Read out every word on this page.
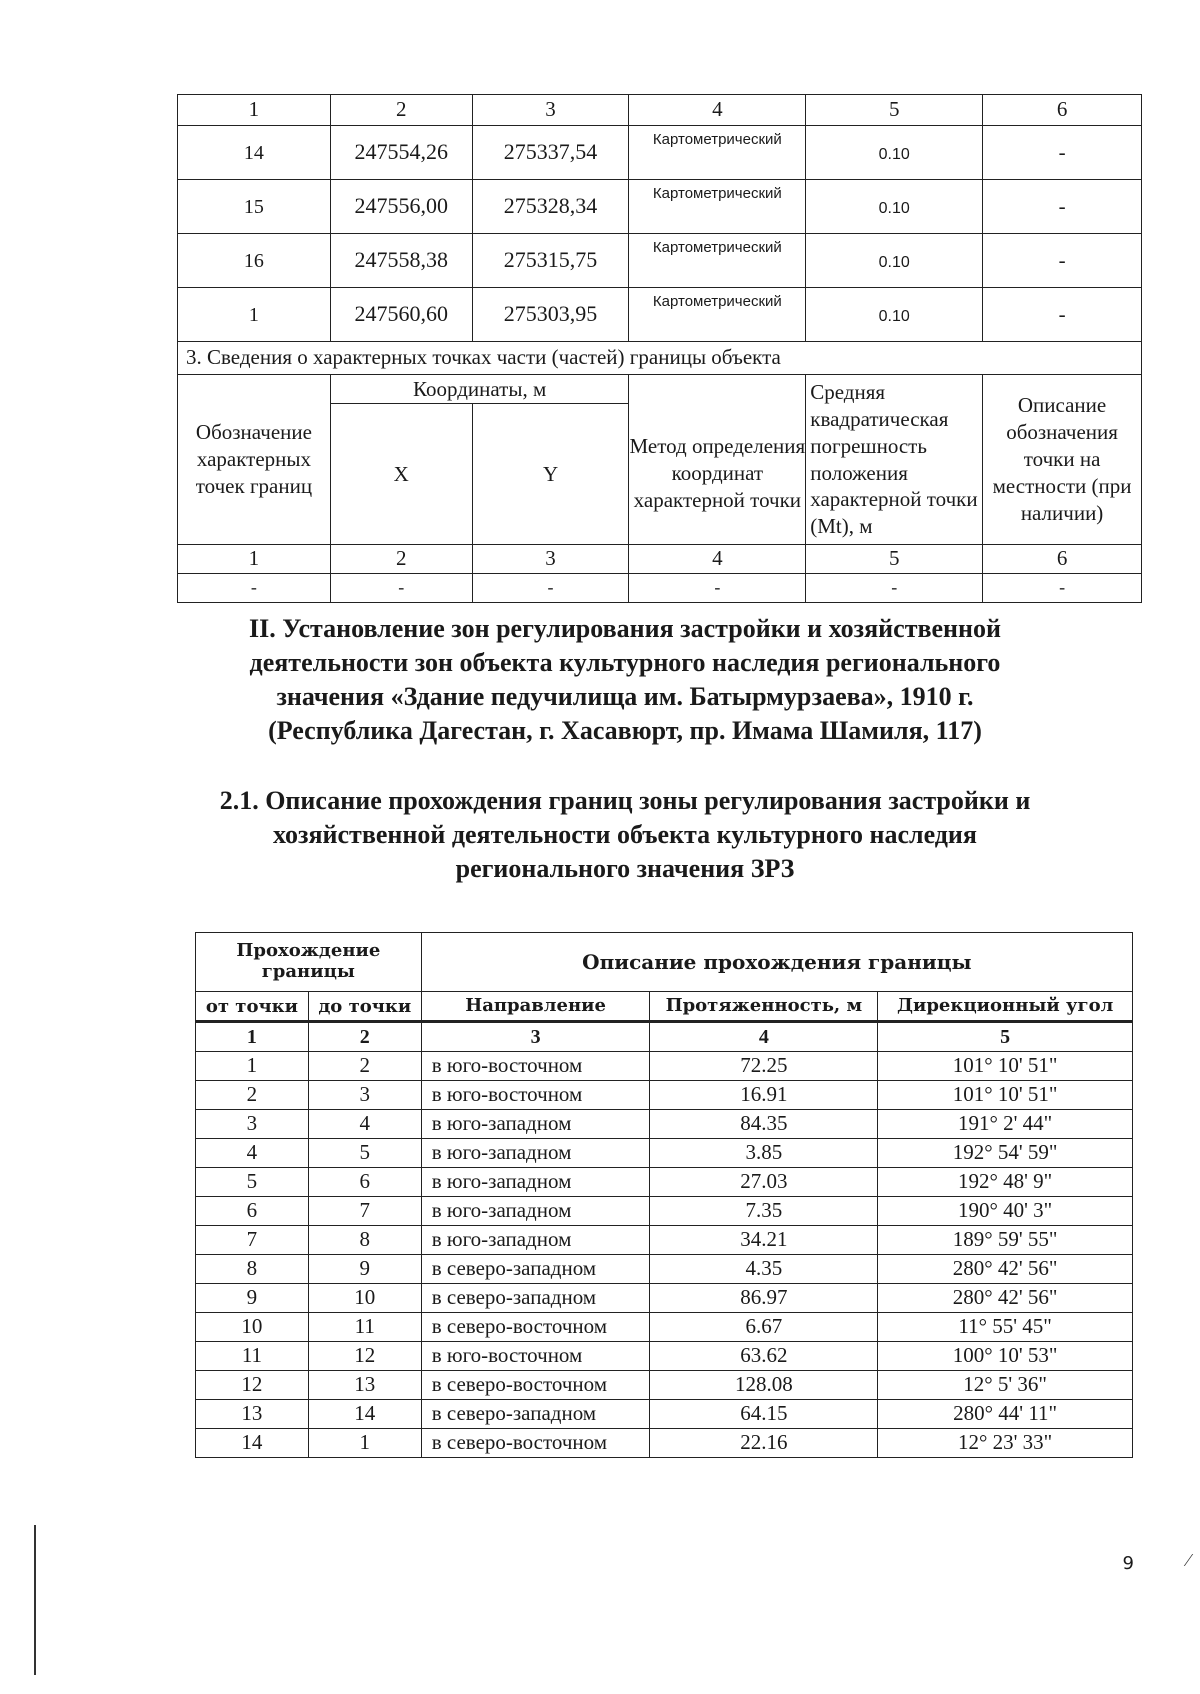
1	2	3	4	5	6
14	247554,26	275337,54	Картометрический	0.10	-
15	247556,00	275328,34	Картометрический	0.10	-
16	247558,38	275315,75	Картометрический	0.10	-
1	247560,60	275303,95	Картометрический	0.10	-
3. Сведения о характерных точках части (частей) границы объекта					
Обозначение характерных точек границ	Координаты, м		Метод определения координат характерной точки	Средняя квадратическая погрешность положения характерной точки (Mt), м	Описание обозначения точки на местности (при наличии)
	X	Y			
1	2	3	4	5	6
-	-	-	-	-	-
II. Установление зон регулирования застройки и хозяйственной
деятельности зон объекта культурного наследия регионального
значения «Здание педучилища им. Батырмурзаева», 1910 г.
(Республика Дагестан, г. Хасавюрт, пр. Имама Шамиля, 117)
2.1. Описание прохождения границ зоны регулирования застройки и
хозяйственной деятельности объекта культурного наследия
регионального значения ЗРЗ
Прохождение границы		Описание прохождения границы		
от точки	до точки			
		Направление	Протяженность, м	Дирекционный угол
1	2	3	4	5
1	2	в юго-восточном	72.25	101° 10' 51"
2	3	в юго-восточном	16.91	101° 10' 51"
3	4	в юго-западном	84.35	191° 2' 44"
4	5	в юго-западном	3.85	192° 54' 59"
5	6	в юго-западном	27.03	192° 48' 9"
6	7	в юго-западном	7.35	190° 40' 3"
7	8	в юго-западном	34.21	189° 59' 55"
8	9	в северо-западном	4.35	280° 42' 56"
9	10	в северо-западном	86.97	280° 42' 56"
10	11	в северо-восточном	6.67	11° 55' 45"
11	12	в юго-восточном	63.62	100° 10' 53"
12	13	в северо-восточном	128.08	12° 5' 36"
13	14	в северо-западном	64.15	280° 44' 11"
14	1	в северо-восточном	22.16	12° 23' 33"
9	⁄
